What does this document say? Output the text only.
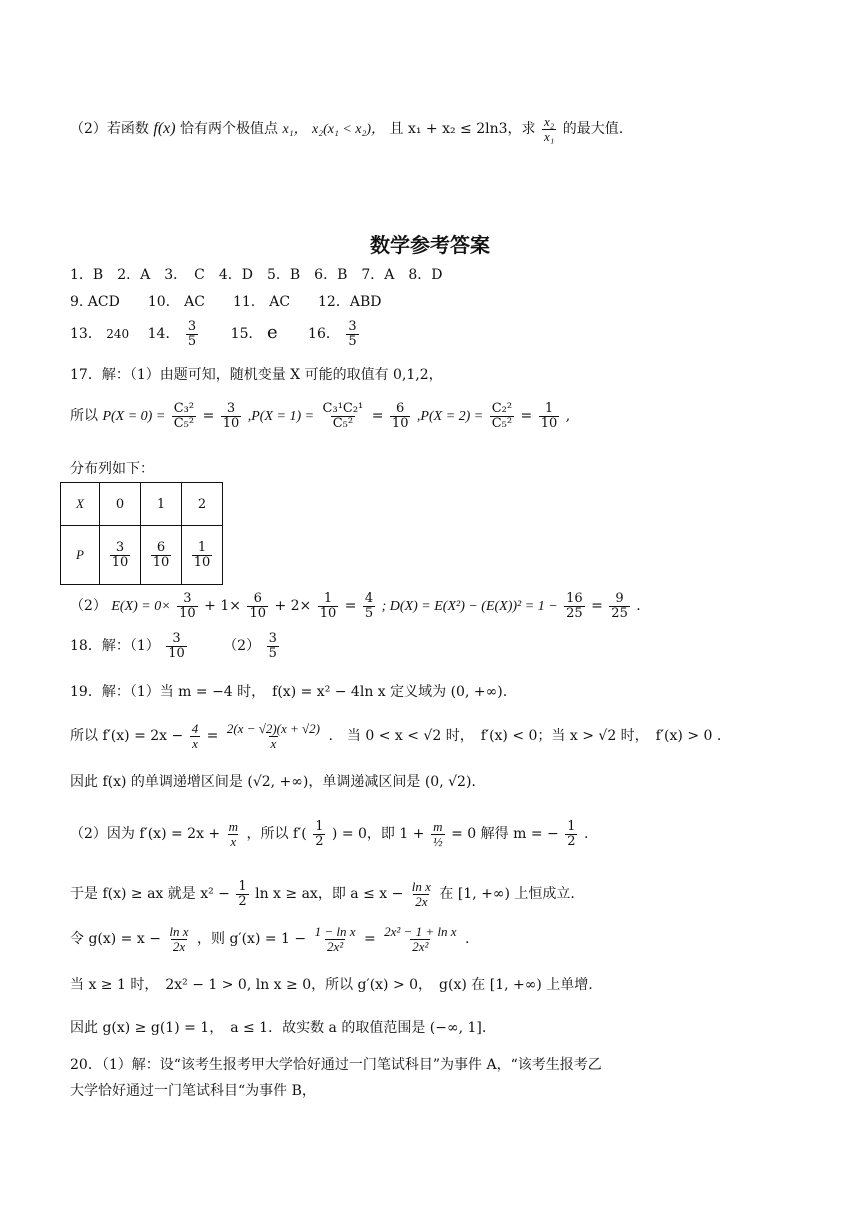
（2）若函数 f(x) 恰有两个极值点 x₁， x₂(x₁ < x₂)， 且 x₁ + x₂ ≤ 2ln3，求 $\frac{\text{x₂}}{\text{x₁}}$ 的最大值.
数学参考答案
1．B　2．A　3．　C　4．D　5．B　6．B　7．A　8．D
9. ACD　　10.　AC　　11.　AC　　12．ABD
13． 240 14． $\frac{3}{5} 15$． e 16． $\frac{3}{5}$
17．解：（1）由题可知，随机变量 X 可能的取值有 0,1,2，
所以 $P(X = 0) = \frac{\text{C₃²}}{\text{C₅²}} = \frac{3}{10} ,P(X = 1) = \frac{\text{C₃¹C₂¹}}{\text{C₅²}} = \frac{6}{10} ,P(X = 2) = \frac{\text{C₂²}}{\text{C₅²}} = \frac{1}{10}$ ,
分布列如下：
X	0	1	2
P	$\frac{3}{10}$	$\frac{6}{10}$	$\frac{1}{10}$
（2） $E(X) = 0\times \frac{3}{10} + 1\times \frac{6}{10} + 2\times \frac{1}{10} = \frac{4}{5}$ ; $D(X) = E(X^2) - (E(X))^2 = 1 - \frac{16}{25} = \frac{9}{25}$ .
18．解：$(1) \frac{3}{10}$	$(2) \frac{3}{5}$
19．解：（1）当 m = −4 时，　f(x) = x² − 4ln x 定义域为 (0, +∞).
所以 $f'(x) = 2x - \frac{4}{x} = \frac{2(x - √2)(x + √2)}{x}$ .　当 0 < x < √2 时，　f′(x) < 0；当 x > √2 时，　f′(x) > 0 .
因此 f(x) 的单调递增区间是 (√2, +∞)，单调递减区间是 (0, √2).
（2）因为 $f'(x) = 2x + \frac{m}{x}$ ，所以 $f'( \frac{1}{2}$ ) = 0，即 $1 + \frac{m}{\text{½}} = 0$ 解得 m = − $\frac{1}{2}$ .
于是 f(x) ≥ ax 就是 $x^2 - \frac{1}{2}$ ln x ≥ ax，即 $a \le x - \frac{\text{ln x}}{2x}$ 在 [1, +∞) 上恒成立.
令 $g(x) = x - \frac{\text{ln x}}{2x}$ ，则 $g'(x) = 1 - \frac{\text{1 − ln x}}{\text{2x²}} = \frac{\text{2x² − 1 + ln x}}{\text{2x²}}$ .
当 x ≥ 1 时，　2x² − 1 > 0, ln x ≥ 0，所以 g′(x) > 0，　g(x) 在 [1, +∞) 上单增.
因此 g(x) ≥ g(1) = 1，　a ≤ 1．故实数 a 的取值范围是 (−∞, 1].
20．（1）解：设“该考生报考甲大学恰好通过一门笔试科目”为事件 A，“该考生报考乙
大学恰好通过一门笔试科目“为事件 B，
